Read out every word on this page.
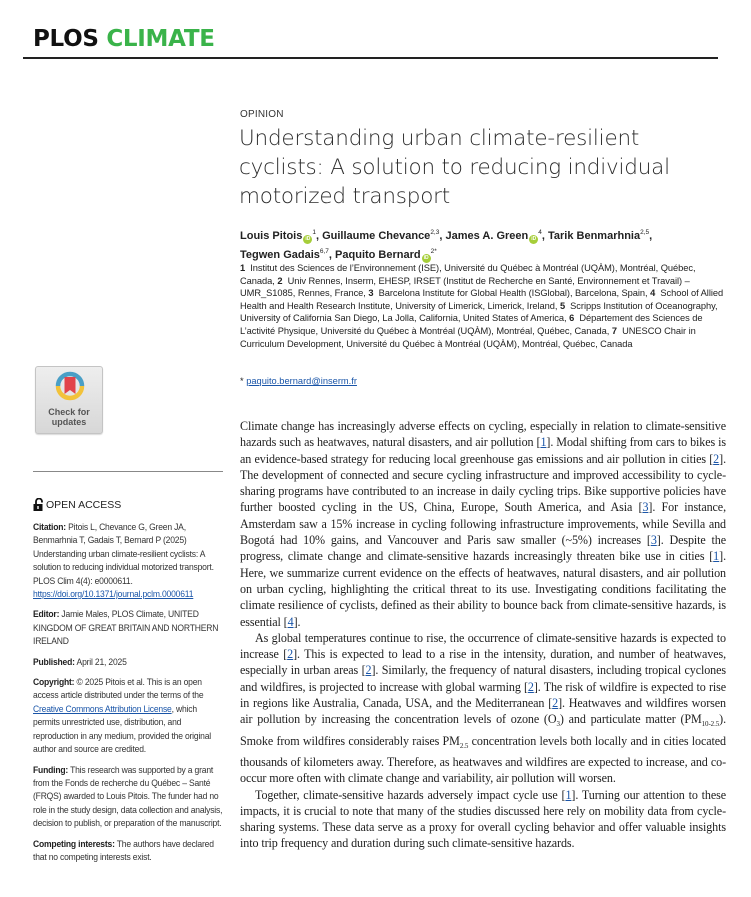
PLOS CLIMATE
OPINION
Understanding urban climate-resilient cyclists: A solution to reducing individual motorized transport
Louis Pitois $iD^1$, Guillaume Chevance$^{2,3}$, James A. Green $iD^4$, Tarik Benmarhnia$^{2,5}$,
Tegwen Gadais$^{6,7}$, Paquito Bernard $iD^{2*}$
1 Institut des Sciences de l’Environnement (ISE), Université du Québec à Montréal (UQÀM), Montréal, Québec, Canada, 2 Univ Rennes, Inserm, EHESP, IRSET (Institut de Recherche en Santé, Environnement et Travail) – UMR_S1085, Rennes, France, 3 Barcelona Institute for Global Health (ISGlobal), Barcelona, Spain, 4 School of Allied Health and Health Research Institute, University of Limerick, Limerick, Ireland, 5 Scripps Institution of Oceanography, University of California San Diego, La Jolla, California, United States of America, 6 Département des Sciences de L’activité Physique, Université du Québec à Montréal (UQÀM), Montréal, Québec, Canada, 7 UNESCO Chair in Curriculum Development, Université du Québec à Montréal (UQÀM), Montréal, Québec, Canada
* paquito.bernard@inserm.fr
Check for
updates
OPEN ACCESS

Citation: Pitois L, Chevance G, Green JA, Benmarhnia T, Gadais T, Bernard P (2025) Understanding urban climate-resilient cyclists: A solution to reducing individual motorized transport. PLOS Clim 4(4): e0000611. https://doi.org/10.1371/journal.pclm.0000611

Editor: Jamie Males, PLOS Climate, UNITED KINGDOM OF GREAT BRITAIN AND NORTHERN IRELAND

Published: April 21, 2025

Copyright: © 2025 Pitois et al. This is an open access article distributed under the terms of the Creative Commons Attribution License, which permits unrestricted use, distribution, and reproduction in any medium, provided the original author and source are credited.

Funding: This research was supported by a grant from the Fonds de recherche du Québec – Santé (FRQS) awarded to Louis Pitois. The funder had no role in the study design, data collection and analysis, decision to publish, or preparation of the manuscript.

Competing interests: The authors have declared that no competing interests exist.

Climate change has increasingly adverse effects on cycling, especially in relation to climate-sensitive hazards such as heatwaves, natural disasters, and air pollution [1]. Modal shifting from cars to bikes is an evidence-based strategy for reducing local greenhouse gas emissions and air pollution in cities [2]. The development of connected and secure cycling infrastructure and improved accessibility to cycle-sharing programs have contributed to an increase in daily cycling trips. Bike supportive policies have further boosted cycling in the US, China, Europe, South America, and Asia [3]. For instance, Amsterdam saw a 15% increase in cycling following infrastructure improvements, while Sevilla and Bogotá had 10% gains, and Vancouver and Paris saw smaller (~5%) increases [3]. Despite the progress, climate change and climate-sensitive hazards increasingly threaten bike use in cities [1]. Here, we summarize current evidence on the effects of heatwaves, natural disasters, and air pollution on urban cycling, highlighting the critical threat to its use. Investigating conditions facilitating the climate resilience of cyclists, defined as their ability to bounce back from climate-sensitive hazards, is essential [4].

As global temperatures continue to rise, the occurrence of climate-sensitive hazards is expected to increase [2]. This is expected to lead to a rise in the intensity, duration, and number of heatwaves, especially in urban areas [2]. Similarly, the frequency of natural disasters, including tropical cyclones and wildfires, is projected to increase with global warming [2]. The risk of wildfire is expected to rise in regions like Australia, Canada, USA, and the Mediterranean [2]. Heatwaves and wildfires worsen air pollution by increasing the concentration levels of ozone $(O_3)$ and particulate matter $(PM_{10-2.5})$. Smoke from wildfires considerably raises $PM_{2.5}$ concentration levels both locally and in cities located thousands of kilometers away. Therefore, as heatwaves and wildfires are expected to increase, and co-occur more often with climate change and variability, air pollution will worsen.

Together, climate-sensitive hazards adversely impact cycle use [1]. Turning our attention to these impacts, it is crucial to note that many of the studies discussed here rely on mobility data from cycle-sharing systems. These data serve as a proxy for overall cycling behavior and offer valuable insights into trip frequency and duration during such climate-sensitive hazards.
